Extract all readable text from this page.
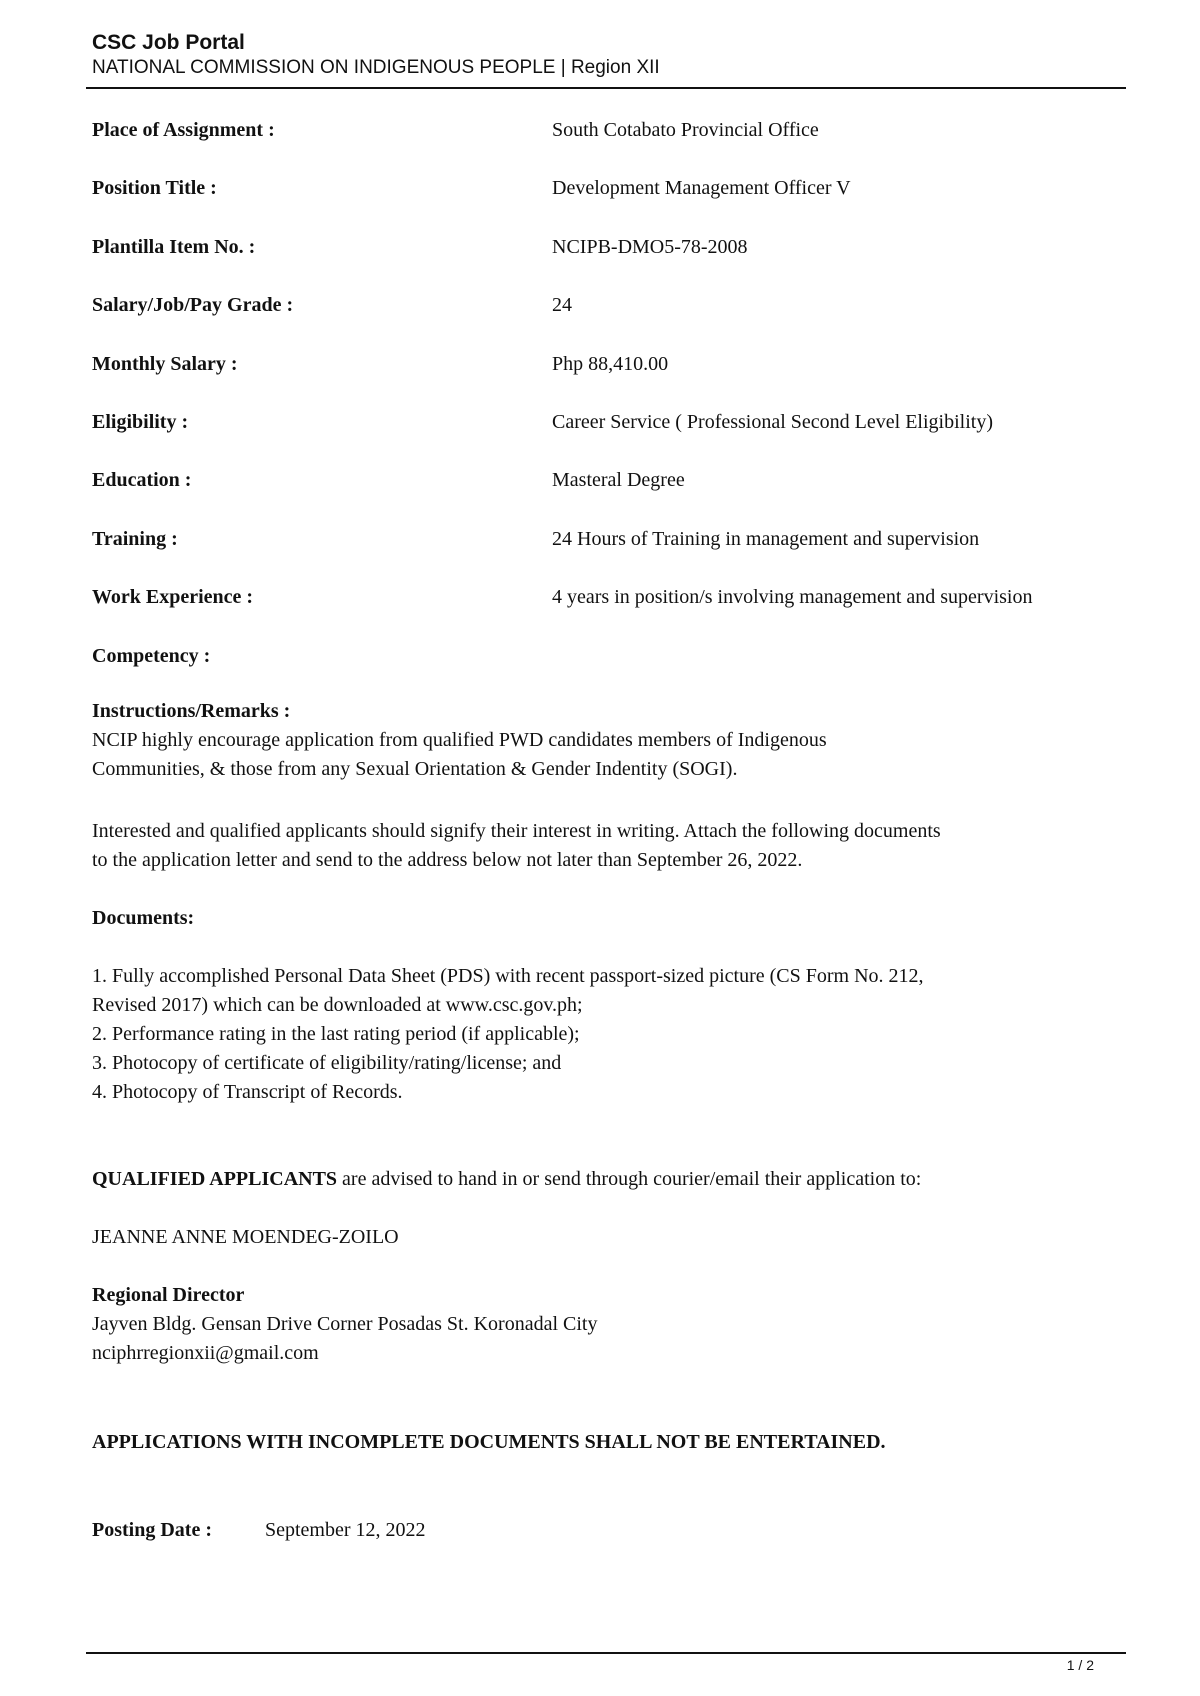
CSC Job Portal
NATIONAL COMMISSION ON INDIGENOUS PEOPLE | Region XII
Place of Assignment :	South Cotabato Provincial Office
Position Title :	Development Management Officer V
Plantilla Item No. :	NCIPB-DMO5-78-2008
Salary/Job/Pay Grade :	24
Monthly Salary :	Php 88,410.00
Eligibility :	Career Service ( Professional Second Level Eligibility)
Education :	Masteral Degree
Training :	24 Hours of Training in management and supervision
Work Experience :	4 years in position/s involving management and supervision
Competency :
Instructions/Remarks :
NCIP highly encourage application from qualified PWD candidates members of Indigenous
Communities, & those from any Sexual Orientation & Gender Indentity (SOGI).
Interested and qualified applicants should signify their interest in writing. Attach the following documents
to the application letter and send to the address below not later than September 26, 2022.
Documents:
1. Fully accomplished Personal Data Sheet (PDS) with recent passport-sized picture (CS Form No. 212,
Revised 2017) which can be downloaded at www.csc.gov.ph;
2. Performance rating in the last rating period (if applicable);
3. Photocopy of certificate of eligibility/rating/license; and
4. Photocopy of Transcript of Records.
QUALIFIED APPLICANTS are advised to hand in or send through courier/email their application to:
JEANNE ANNE MOENDEG-ZOILO
Regional Director
Jayven Bldg. Gensan Drive Corner Posadas St. Koronadal City
nciphrregionxii@gmail.com
APPLICATIONS WITH INCOMPLETE DOCUMENTS SHALL NOT BE ENTERTAINED.
Posting Date :	September 12, 2022
1 / 2
